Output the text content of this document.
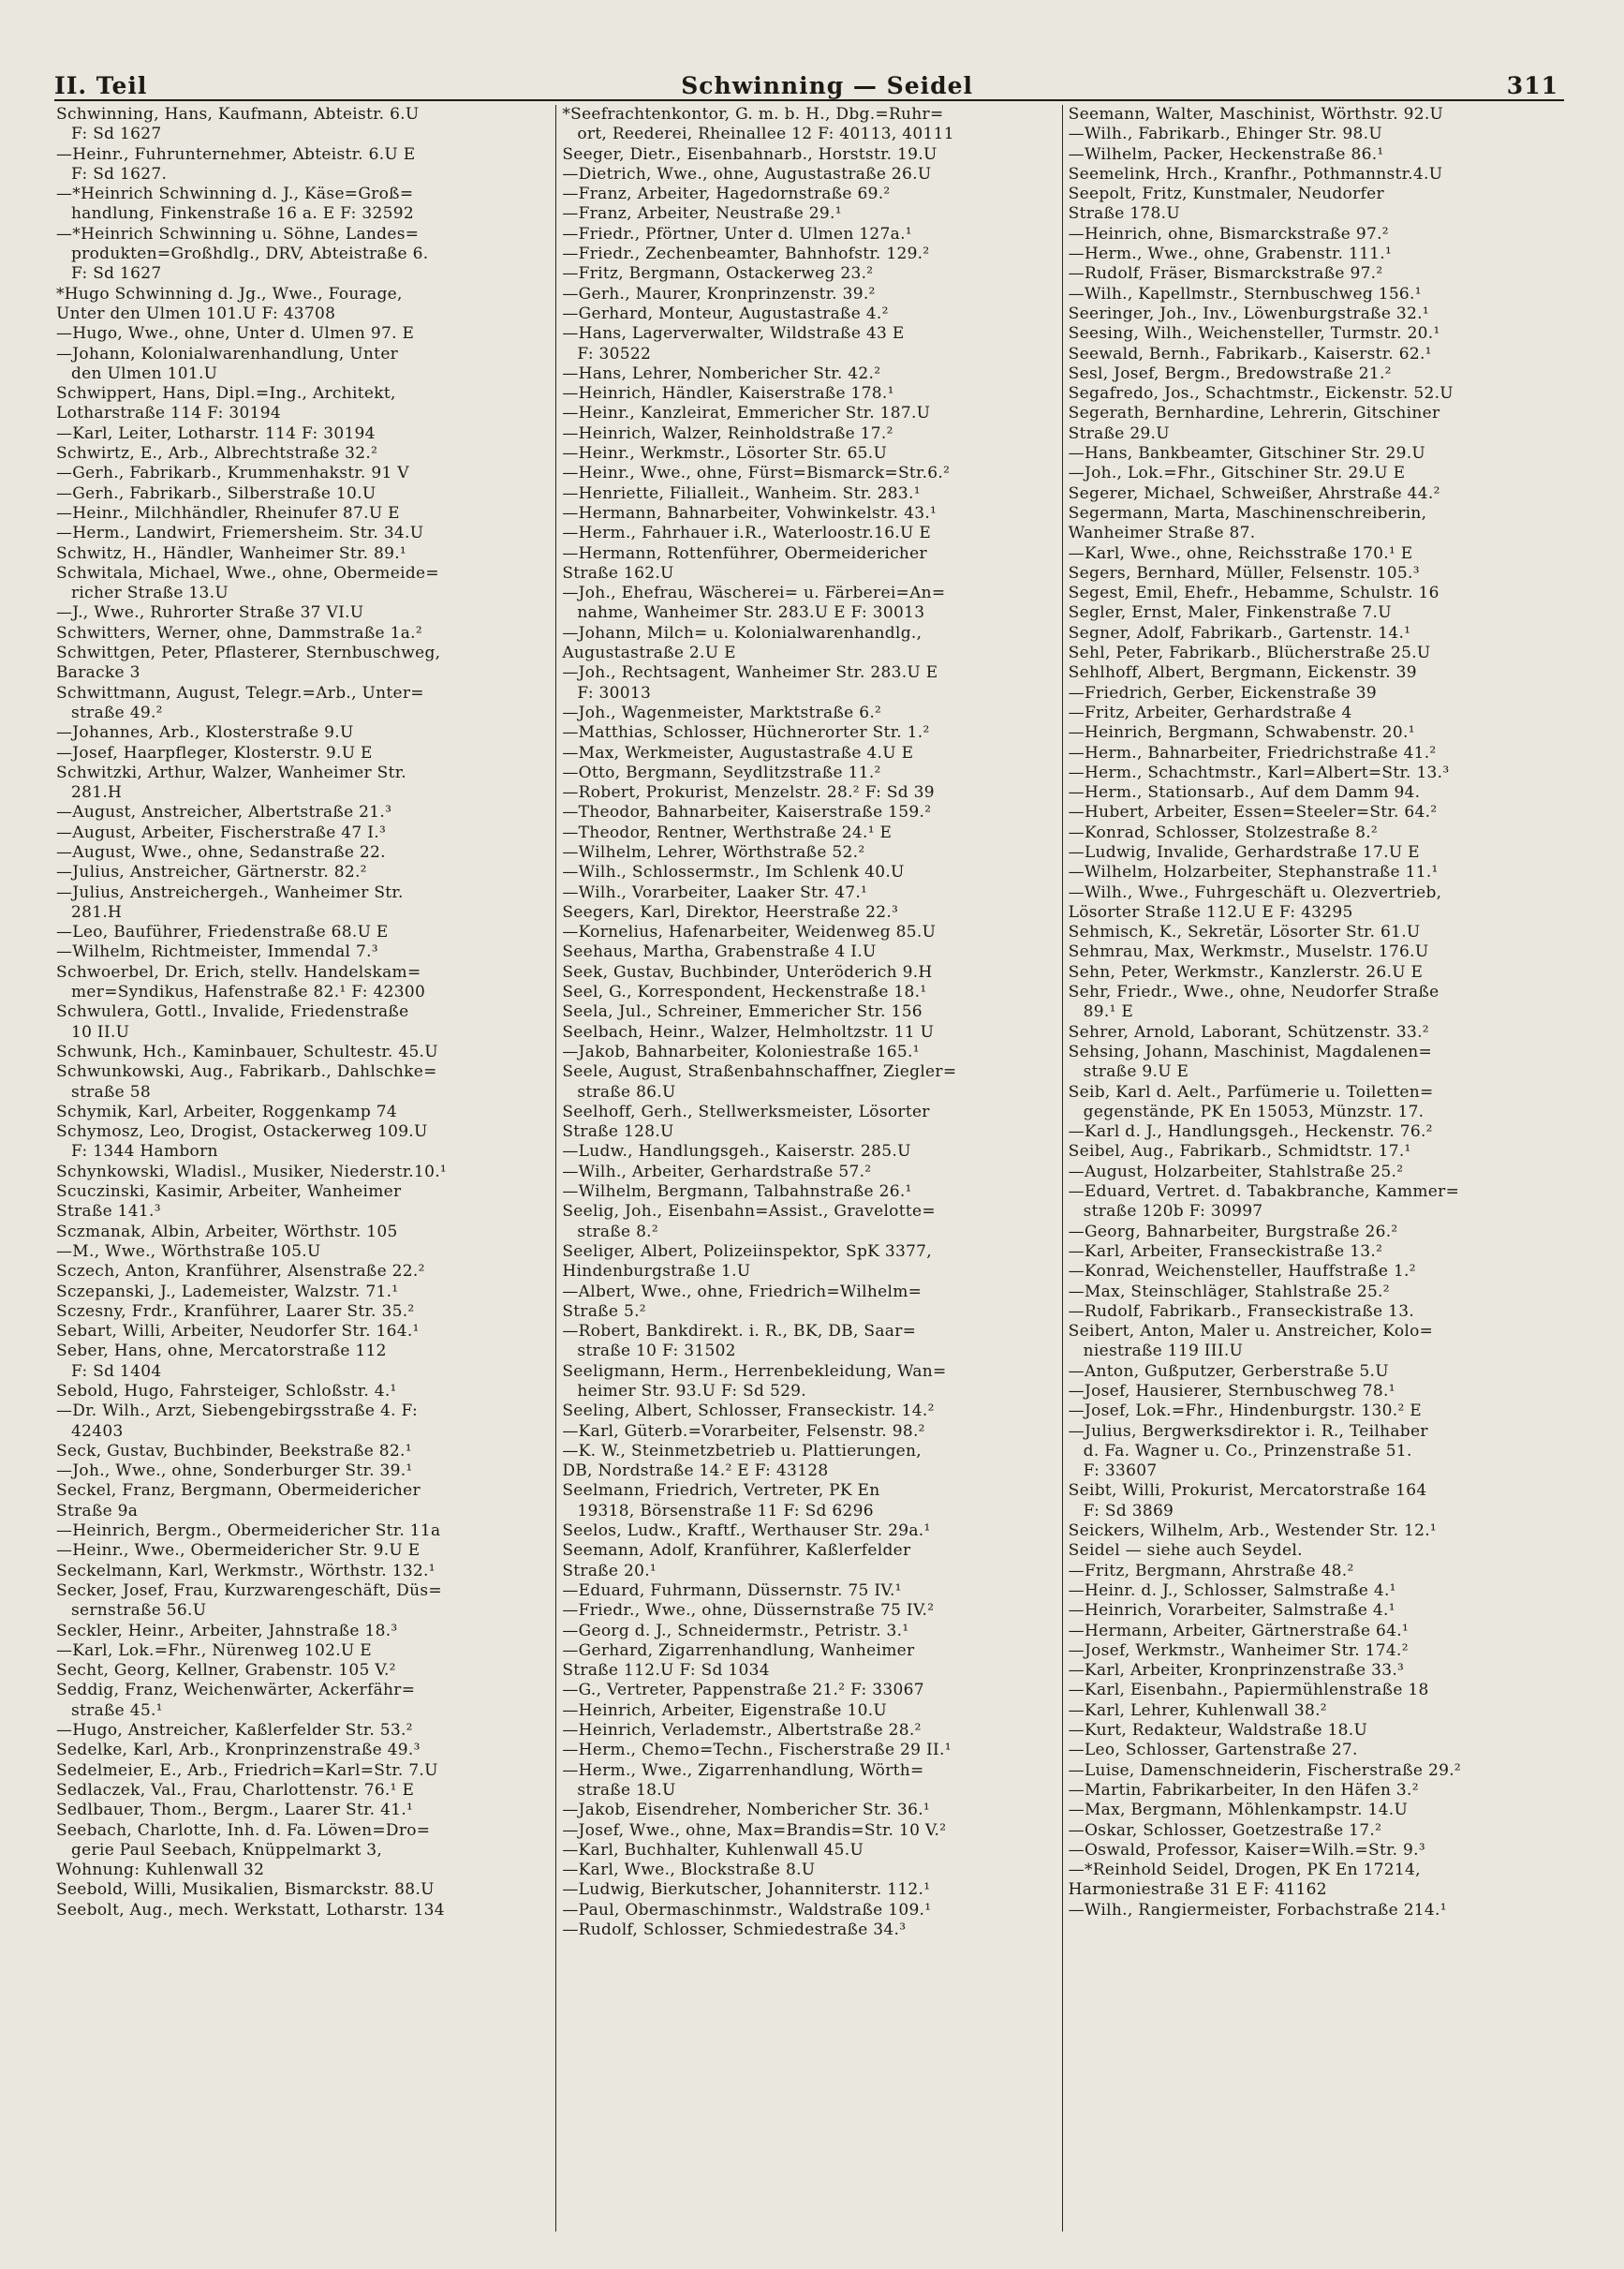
II. Teil	Schwinning — Seidel	311
Schwinning, Hans, Kaufmann, Abteistr. 6.U
F: Sd 1627
—Heinr., Fuhrunternehmer, Abteistr. 6.U E
F: Sd 1627.
—*Heinrich Schwinning d. J., Käse=Groß=
handlung, Finkenstraße 16 a. E F: 32592
—*Heinrich Schwinning u. Söhne, Landes=
produkten=Großhdlg., DRV, Abteistraße 6.
F: Sd 1627
*Hugo Schwinning d. Jg., Wwe., Fourage,
Unter den Ulmen 101.U F: 43708
—Hugo, Wwe., ohne, Unter d. Ulmen 97. E
—Johann, Kolonialwarenhandlung, Unter
den Ulmen 101.U
Schwippert, Hans, Dipl.=Ing., Architekt,
Lotharstraße 114 F: 30194
—Karl, Leiter, Lotharstr. 114 F: 30194
Schwirtz, E., Arb., Albrechtstraße 32.²
—Gerh., Fabrikarb., Krummenhakstr. 91 V
—Gerh., Fabrikarb., Silberstraße 10.U
—Heinr., Milchhändler, Rheinufer 87.U E
—Herm., Landwirt, Friemersheim. Str. 34.U
Schwitz, H., Händler, Wanheimer Str. 89.¹
Schwitala, Michael, Wwe., ohne, Obermeide=
richer Straße 13.U
—J., Wwe., Ruhrorter Straße 37 VI.U
Schwitters, Werner, ohne, Dammstraße 1a.²
Schwittgen, Peter, Pflasterer, Sternbuschweg,
Baracke 3
Schwittmann, August, Telegr.=Arb., Unter=
straße 49.²
—Johannes, Arb., Klosterstraße 9.U
—Josef, Haarpfleger, Klosterstr. 9.U E
Schwitzki, Arthur, Walzer, Wanheimer Str.
281.H
—August, Anstreicher, Albertstraße 21.³
—August, Arbeiter, Fischerstraße 47 I.³
—August, Wwe., ohne, Sedanstraße 22.
—Julius, Anstreicher, Gärtnerstr. 82.²
—Julius, Anstreichergeh., Wanheimer Str.
281.H
—Leo, Bauführer, Friedenstraße 68.U E
—Wilhelm, Richtmeister, Immendal 7.³
Schwoerbel, Dr. Erich, stellv. Handelskam=
mer=Syndikus, Hafenstraße 82.¹ F: 42300
Schwulera, Gottl., Invalide, Friedenstraße
10 II.U
Schwunk, Hch., Kaminbauer, Schultestr. 45.U
Schwunkowski, Aug., Fabrikarb., Dahlschke=
straße 58
Schymik, Karl, Arbeiter, Roggenkamp 74
Schymosz, Leo, Drogist, Ostackerweg 109.U
F: 1344 Hamborn
Schynkowski, Wladisl., Musiker, Niederstr.10.¹
Scuczinski, Kasimir, Arbeiter, Wanheimer
Straße 141.³
Sczmanak, Albin, Arbeiter, Wörthstr. 105
—M., Wwe., Wörthstraße 105.U
Sczech, Anton, Kranführer, Alsenstraße 22.²
Sczepanski, J., Lademeister, Walzstr. 71.¹
Sczesny, Frdr., Kranführer, Laarer Str. 35.²
Sebart, Willi, Arbeiter, Neudorfer Str. 164.¹
Seber, Hans, ohne, Mercatorstraße 112
F: Sd 1404
Sebold, Hugo, Fahrsteiger, Schloßstr. 4.¹
—Dr. Wilh., Arzt, Siebengebirgsstraße 4. F:
42403
Seck, Gustav, Buchbinder, Beekstraße 82.¹
—Joh., Wwe., ohne, Sonderburger Str. 39.¹
Seckel, Franz, Bergmann, Obermeidericher
Straße 9a
—Heinrich, Bergm., Obermeidericher Str. 11a
—Heinr., Wwe., Obermeidericher Str. 9.U E
Seckelmann, Karl, Werkmstr., Wörthstr. 132.¹
Secker, Josef, Frau, Kurzwarengeschäft, Düs=
sernstraße 56.U
Seckler, Heinr., Arbeiter, Jahnstraße 18.³
—Karl, Lok.=Fhr., Nürenweg 102.U E
Secht, Georg, Kellner, Grabenstr. 105 V.²
Seddig, Franz, Weichenwärter, Ackerfähr=
straße 45.¹
—Hugo, Anstreicher, Kaßlerfelder Str. 53.²
Sedelke, Karl, Arb., Kronprinzenstraße 49.³
Sedelmeier, E., Arb., Friedrich=Karl=Str. 7.U
Sedlaczek, Val., Frau, Charlottenstr. 76.¹ E
Sedlbauer, Thom., Bergm., Laarer Str. 41.¹
Seebach, Charlotte, Inh. d. Fa. Löwen=Dro=
gerie Paul Seebach, Knüppelmarkt 3,
Wohnung: Kuhlenwall 32
Seebold, Willi, Musikalien, Bismarckstr. 88.U
Seebolt, Aug., mech. Werkstatt, Lotharstr. 134
*Seefrachtenkontor, G. m. b. H., Dbg.=Ruhr=
ort, Reederei, Rheinallee 12 F: 40113, 40111
Seeger, Dietr., Eisenbahnarb., Horststr. 19.U
—Dietrich, Wwe., ohne, Augustastraße 26.U
—Franz, Arbeiter, Hagedornstraße 69.²
—Franz, Arbeiter, Neustraße 29.¹
—Friedr., Pförtner, Unter d. Ulmen 127a.¹
—Friedr., Zechenbeamter, Bahnhofstr. 129.²
—Fritz, Bergmann, Ostackerweg 23.²
—Gerh., Maurer, Kronprinzenstr. 39.²
—Gerhard, Monteur, Augustastraße 4.²
—Hans, Lagerverwalter, Wildstraße 43 E
F: 30522
—Hans, Lehrer, Nombericher Str. 42.²
—Heinrich, Händler, Kaiserstraße 178.¹
—Heinr., Kanzleirat, Emmericher Str. 187.U
—Heinrich, Walzer, Reinholdstraße 17.²
—Heinr., Werkmstr., Lösorter Str. 65.U
—Heinr., Wwe., ohne, Fürst=Bismarck=Str.6.²
—Henriette, Filialleit., Wanheim. Str. 283.¹
—Hermann, Bahnarbeiter, Vohwinkelstr. 43.¹
—Herm., Fahrhauer i.R., Waterloostr.16.U E
—Hermann, Rottenführer, Obermeidericher
Straße 162.U
—Joh., Ehefrau, Wäscherei= u. Färberei=An=
nahme, Wanheimer Str. 283.U E F: 30013
—Johann, Milch= u. Kolonialwarenhandlg.,
Augustastraße 2.U E
—Joh., Rechtsagent, Wanheimer Str. 283.U E
F: 30013
—Joh., Wagenmeister, Marktstraße 6.²
—Matthias, Schlosser, Hüchnerorter Str. 1.²
—Max, Werkmeister, Augustastraße 4.U E
—Otto, Bergmann, Seydlitzstraße 11.²
—Robert, Prokurist, Menzelstr. 28.² F: Sd 39
—Theodor, Bahnarbeiter, Kaiserstraße 159.²
—Theodor, Rentner, Werthstraße 24.¹ E
—Wilhelm, Lehrer, Wörthstraße 52.²
—Wilh., Schlossermstr., Im Schlenk 40.U
—Wilh., Vorarbeiter, Laaker Str. 47.¹
Seegers, Karl, Direktor, Heerstraße 22.³
—Kornelius, Hafenarbeiter, Weidenweg 85.U
Seehaus, Martha, Grabenstraße 4 I.U
Seek, Gustav, Buchbinder, Unteröderich 9.H
Seel, G., Korrespondent, Heckenstraße 18.¹
Seela, Jul., Schreiner, Emmericher Str. 156
Seelbach, Heinr., Walzer, Helmholtzstr. 11 U
—Jakob, Bahnarbeiter, Koloniestraße 165.¹
Seele, August, Straßenbahnschaffner, Ziegler=
straße 86.U
Seelhoff, Gerh., Stellwerksmeister, Lösorter
Straße 128.U
—Ludw., Handlungsgeh., Kaiserstr. 285.U
—Wilh., Arbeiter, Gerhardstraße 57.²
—Wilhelm, Bergmann, Talbahnstraße 26.¹
Seelig, Joh., Eisenbahn=Assist., Gravelotte=
straße 8.²
Seeliger, Albert, Polizeiinspektor, SpK 3377,
Hindenburgstraße 1.U
—Albert, Wwe., ohne, Friedrich=Wilhelm=
Straße 5.²
—Robert, Bankdirekt. i. R., BK, DB, Saar=
straße 10 F: 31502
Seeligmann, Herm., Herrenbekleidung, Wan=
heimer Str. 93.U F: Sd 529.
Seeling, Albert, Schlosser, Franseckistr. 14.²
—Karl, Güterb.=Vorarbeiter, Felsenstr. 98.²
—K. W., Steinmetzbetrieb u. Plattierungen,
DB, Nordstraße 14.² E F: 43128
Seelmann, Friedrich, Vertreter, PK En
19318, Börsenstraße 11 F: Sd 6296
Seelos, Ludw., Kraftf., Werthauser Str. 29a.¹
Seemann, Adolf, Kranführer, Kaßlerfelder
Straße 20.¹
—Eduard, Fuhrmann, Düssernstr. 75 IV.¹
—Friedr., Wwe., ohne, Düssernstraße 75 IV.²
—Georg d. J., Schneidermstr., Petristr. 3.¹
—Gerhard, Zigarrenhandlung, Wanheimer
Straße 112.U F: Sd 1034
—G., Vertreter, Pappenstraße 21.² F: 33067
—Heinrich, Arbeiter, Eigenstraße 10.U
—Heinrich, Verlademstr., Albertstraße 28.²
—Herm., Chemo=Techn., Fischerstraße 29 II.¹
—Herm., Wwe., Zigarrenhandlung, Wörth=
straße 18.U
—Jakob, Eisendreher, Nombericher Str. 36.¹
—Josef, Wwe., ohne, Max=Brandis=Str. 10 V.²
—Karl, Buchhalter, Kuhlenwall 45.U
—Karl, Wwe., Blockstraße 8.U
—Ludwig, Bierkutscher, Johanniterstr. 112.¹
—Paul, Obermaschinmstr., Waldstraße 109.¹
—Rudolf, Schlosser, Schmiedestraße 34.³
Seemann, Walter, Maschinist, Wörthstr. 92.U
—Wilh., Fabrikarb., Ehinger Str. 98.U
—Wilhelm, Packer, Heckenstraße 86.¹
Seemelink, Hrch., Kranfhr., Pothmannstr.4.U
Seepolt, Fritz, Kunstmaler, Neudorfer
Straße 178.U
—Heinrich, ohne, Bismarckstraße 97.²
—Herm., Wwe., ohne, Grabenstr. 111.¹
—Rudolf, Fräser, Bismarckstraße 97.²
—Wilh., Kapellmstr., Sternbuschweg 156.¹
Seeringer, Joh., Inv., Löwenburgstraße 32.¹
Seesing, Wilh., Weichensteller, Turmstr. 20.¹
Seewald, Bernh., Fabrikarb., Kaiserstr. 62.¹
Sesl, Josef, Bergm., Bredowstraße 21.²
Segafredo, Jos., Schachtmstr., Eickenstr. 52.U
Segerath, Bernhardine, Lehrerin, Gitschiner
Straße 29.U
—Hans, Bankbeamter, Gitschiner Str. 29.U
—Joh., Lok.=Fhr., Gitschiner Str. 29.U E
Segerer, Michael, Schweißer, Ahrstraße 44.²
Segermann, Marta, Maschinenschreiberin,
Wanheimer Straße 87.
—Karl, Wwe., ohne, Reichsstraße 170.¹ E
Segers, Bernhard, Müller, Felsenstr. 105.³
Segest, Emil, Ehefr., Hebamme, Schulstr. 16
Segler, Ernst, Maler, Finkenstraße 7.U
Segner, Adolf, Fabrikarb., Gartenstr. 14.¹
Sehl, Peter, Fabrikarb., Blücherstraße 25.U
Sehlhoff, Albert, Bergmann, Eickenstr. 39
—Friedrich, Gerber, Eickenstraße 39
—Fritz, Arbeiter, Gerhardstraße 4
—Heinrich, Bergmann, Schwabenstr. 20.¹
—Herm., Bahnarbeiter, Friedrichstraße 41.²
—Herm., Schachtmstr., Karl=Albert=Str. 13.³
—Herm., Stationsarb., Auf dem Damm 94.
—Hubert, Arbeiter, Essen=Steeler=Str. 64.²
—Konrad, Schlosser, Stolzestraße 8.²
—Ludwig, Invalide, Gerhardstraße 17.U E
—Wilhelm, Holzarbeiter, Stephanstraße 11.¹
—Wilh., Wwe., Fuhrgeschäft u. Olezvertrieb,
Lösorter Straße 112.U E F: 43295
Sehmisch, K., Sekretär, Lösorter Str. 61.U
Sehmrau, Max, Werkmstr., Muselstr. 176.U
Sehn, Peter, Werkmstr., Kanzlerstr. 26.U E
Sehr, Friedr., Wwe., ohne, Neudorfer Straße
89.¹ E
Sehrer, Arnold, Laborant, Schützenstr. 33.²
Sehsing, Johann, Maschinist, Magdalenen=
straße 9.U E
Seib, Karl d. Aelt., Parfümerie u. Toiletten=
gegenstände, PK En 15053, Münzstr. 17.
—Karl d. J., Handlungsgeh., Heckenstr. 76.²
Seibel, Aug., Fabrikarb., Schmidtstr. 17.¹
—August, Holzarbeiter, Stahlstraße 25.²
—Eduard, Vertret. d. Tabakbranche, Kammer=
straße 120b F: 30997
—Georg, Bahnarbeiter, Burgstraße 26.²
—Karl, Arbeiter, Franseckistraße 13.²
—Konrad, Weichensteller, Hauffstraße 1.²
—Max, Steinschläger, Stahlstraße 25.²
—Rudolf, Fabrikarb., Franseckistraße 13.
Seibert, Anton, Maler u. Anstreicher, Kolo=
niestraße 119 III.U
—Anton, Gußputzer, Gerberstraße 5.U
—Josef, Hausierer, Sternbuschweg 78.¹
—Josef, Lok.=Fhr., Hindenburgstr. 130.² E
—Julius, Bergwerksdirektor i. R., Teilhaber
d. Fa. Wagner u. Co., Prinzenstraße 51.
F: 33607
Seibt, Willi, Prokurist, Mercatorstraße 164
F: Sd 3869
Seickers, Wilhelm, Arb., Westender Str. 12.¹
Seidel — siehe auch Seydel.
—Fritz, Bergmann, Ahrstraße 48.²
—Heinr. d. J., Schlosser, Salmstraße 4.¹
—Heinrich, Vorarbeiter, Salmstraße 4.¹
—Hermann, Arbeiter, Gärtnerstraße 64.¹
—Josef, Werkmstr., Wanheimer Str. 174.²
—Karl, Arbeiter, Kronprinzenstraße 33.³
—Karl, Eisenbahn., Papiermühlenstraße 18
—Karl, Lehrer, Kuhlenwall 38.²
—Kurt, Redakteur, Waldstraße 18.U
—Leo, Schlosser, Gartenstraße 27.
—Luise, Damenschneiderin, Fischerstraße 29.²
—Martin, Fabrikarbeiter, In den Häfen 3.²
—Max, Bergmann, Möhlenkampstr. 14.U
—Oskar, Schlosser, Goetzestraße 17.²
—Oswald, Professor, Kaiser=Wilh.=Str. 9.³
—*Reinhold Seidel, Drogen, PK En 17214,
Harmoniestraße 31 E F: 41162
—Wilh., Rangiermeister, Forbachstraße 214.¹
